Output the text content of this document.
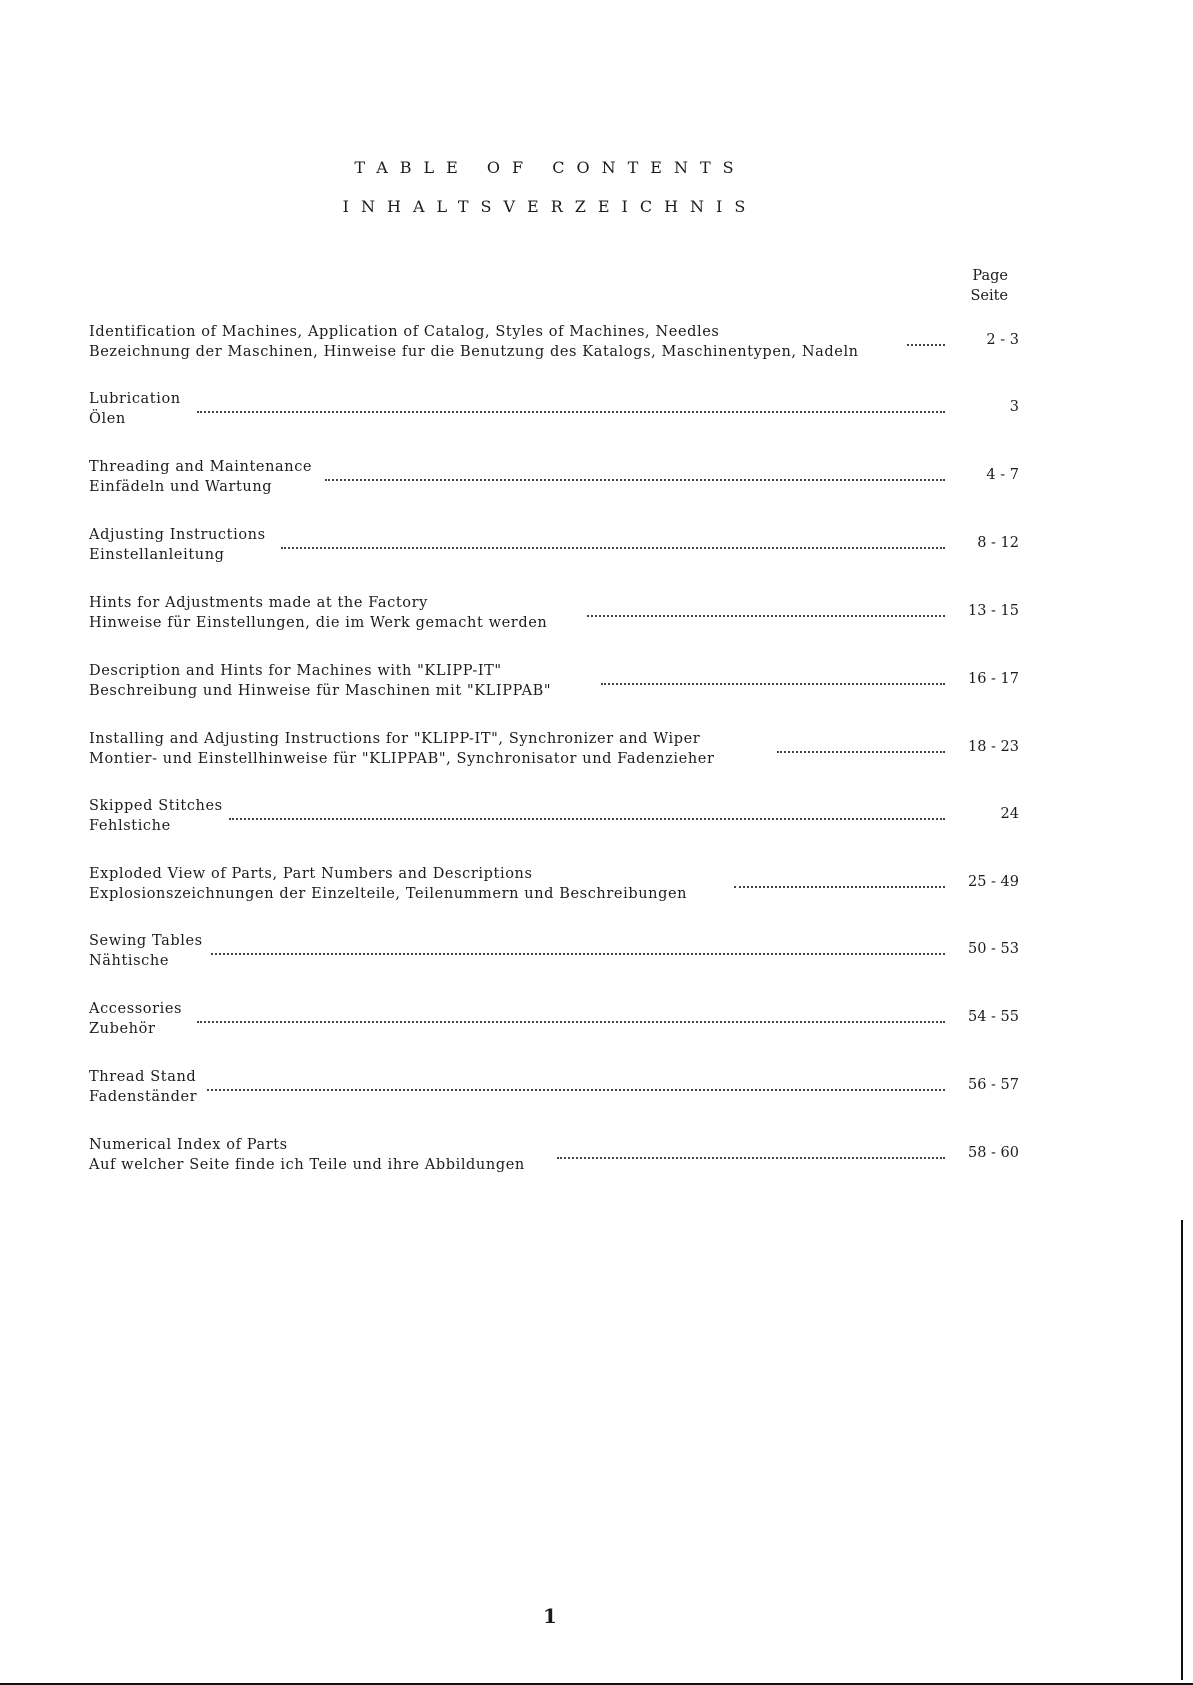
TABLE OF CONTENTS
INHALTSVERZEICHNIS
Page
Seite
Identification of Machines, Application of Catalog, Styles of Machines, Needles
Bezeichnung der Maschinen, Hinweise fur die Benutzung des Katalogs, Maschinentypen, Nadeln
2 - 3
Lubrication
Ölen
3
Threading and Maintenance
Einfädeln und Wartung
4 - 7
Adjusting Instructions
Einstellanleitung
8 - 12
Hints for Adjustments made at the Factory
Hinweise für Einstellungen, die im Werk gemacht werden
13 - 15
Description and Hints for Machines with "KLIPP-IT"
Beschreibung und Hinweise für Maschinen mit "KLIPPAB"
16 - 17
Installing and Adjusting Instructions for "KLIPP-IT", Synchronizer and Wiper
Montier- und Einstellhinweise für "KLIPPAB", Synchronisator und Fadenzieher
18 - 23
Skipped Stitches
Fehlstiche
24
Exploded View of Parts, Part Numbers and Descriptions
Explosionszeichnungen der Einzelteile, Teilenummern und Beschreibungen
25 - 49
Sewing Tables
Nähtische
50 - 53
Accessories
Zubehör
54 - 55
Thread Stand
Fadenständer
56 - 57
Numerical Index of Parts
Auf welcher Seite finde ich Teile und ihre Abbildungen
58 - 60
1
